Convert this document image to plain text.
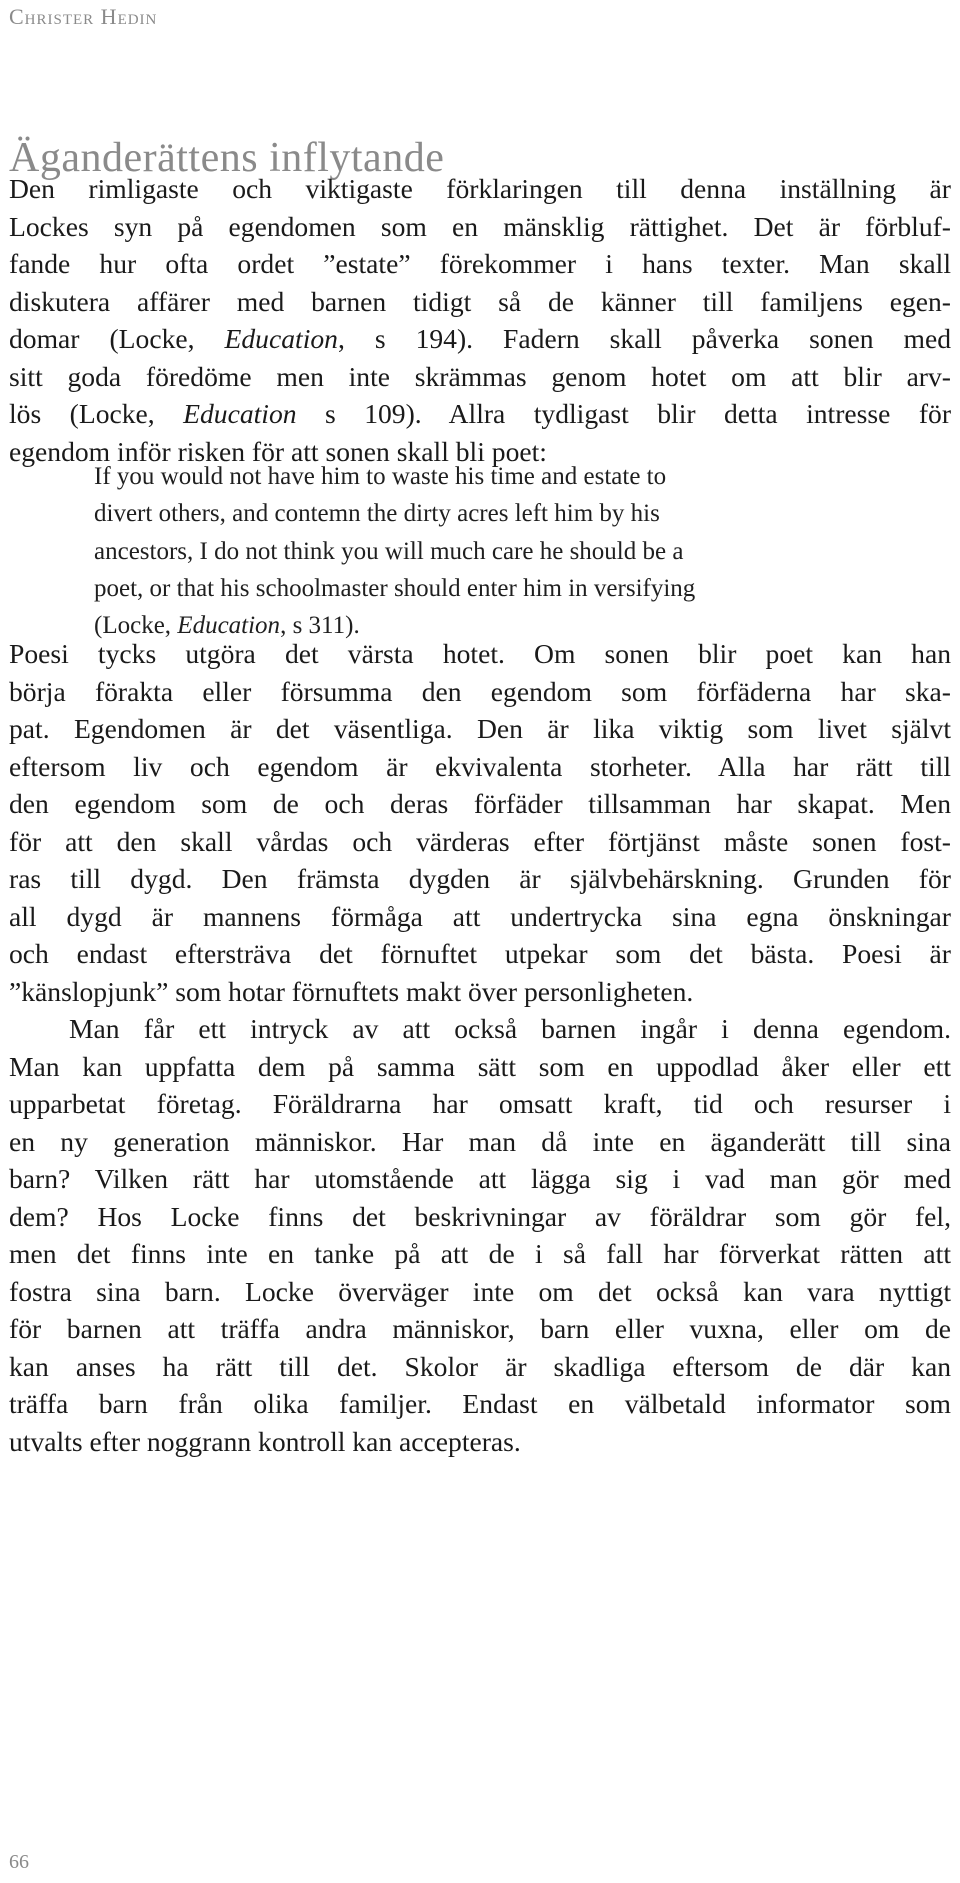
Christer Hedin
Äganderättens inflytande
Den rimligaste och viktigaste förklaringen till denna inställning är
Lockes syn på egendomen som en mänsklig rättighet. Det är förbluf-
fande hur ofta ordet ”estate” förekommer i hans texter. Man skall
diskutera affärer med barnen tidigt så de känner till familjens egen-
domar (Locke, Education, s 194). Fadern skall påverka sonen med
sitt goda föredöme men inte skrämmas genom hotet om att blir arv-
lös (Locke, Education s 109). Allra tydligast blir detta intresse för
egendom inför risken för att sonen skall bli poet:
If you would not have him to waste his time and estate to
divert others, and contemn the dirty acres left him by his
ancestors, I do not think you will much care he should be a
poet, or that his schoolmaster should enter him in versifying
(Locke, Education, s 311).
Poesi tycks utgöra det värsta hotet. Om sonen blir poet kan han
börja förakta eller försumma den egendom som förfäderna har ska-
pat. Egendomen är det väsentliga. Den är lika viktig som livet självt
eftersom liv och egendom är ekvivalenta storheter. Alla har rätt till
den egendom som de och deras förfäder tillsamman har skapat. Men
för att den skall vårdas och värderas efter förtjänst måste sonen fost-
ras till dygd. Den främsta dygden är självbehärskning. Grunden för
all dygd är mannens förmåga att undertrycka sina egna önskningar
och endast eftersträva det förnuftet utpekar som det bästa. Poesi är
”känslopjunk” som hotar förnuftets makt över personligheten.
Man får ett intryck av att också barnen ingår i denna egendom.
Man kan uppfatta dem på samma sätt som en uppodlad åker eller ett
upparbetat företag. Föräldrarna har omsatt kraft, tid och resurser i
en ny generation människor. Har man då inte en äganderätt till sina
barn? Vilken rätt har utomstående att lägga sig i vad man gör med
dem? Hos Locke finns det beskrivningar av föräldrar som gör fel,
men det finns inte en tanke på att de i så fall har förverkat rätten att
fostra sina barn. Locke överväger inte om det också kan vara nyttigt
för barnen att träffa andra människor, barn eller vuxna, eller om de
kan anses ha rätt till det. Skolor är skadliga eftersom de där kan
träffa barn från olika familjer. Endast en välbetald informator som
utvalts efter noggrann kontroll kan accepteras.
66
